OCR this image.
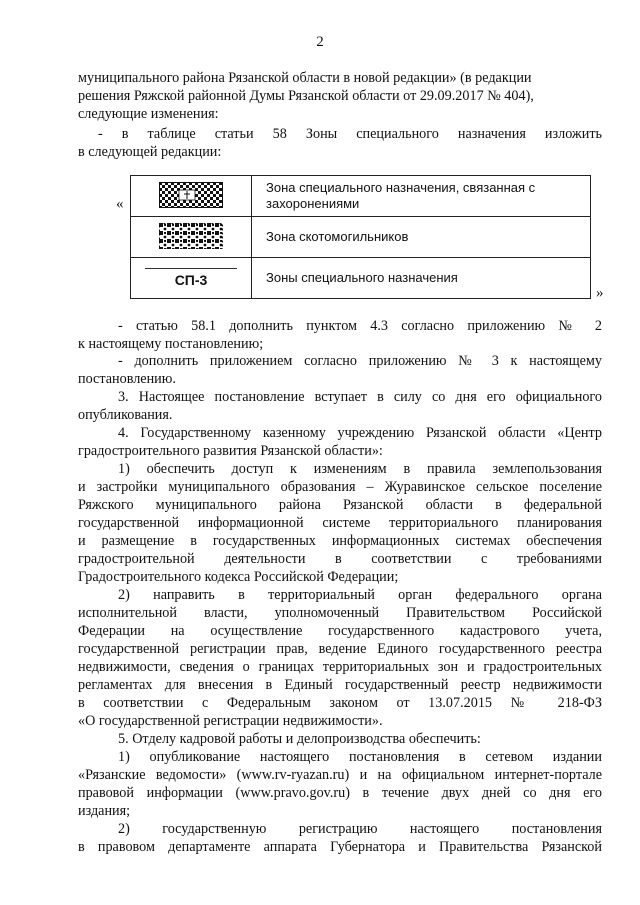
2
муниципального района Рязанской области в новой редакции» (в редакции
решения Ряжской районной Думы Рязанской области от 29.09.2017 № 404),
следующие изменения:
- в таблице статьи 58 Зоны специального назначения изложить
в следующей редакции:
«
	Зона специального назначения, связанная с захоронениями
	Зона скотомогильников
СП-3	Зоны специального назначения
»
- статью 58.1 дополнить пунктом 4.3 согласно приложению № 2
к настоящему постановлению;
- дополнить приложением согласно приложению № 3 к настоящему
постановлению.
3. Настоящее постановление вступает в силу со дня его официального
опубликования.
4. Государственному казенному учреждению Рязанской области «Центр
градостроительного развития Рязанской области»:
1) обеспечить доступ к изменениям в правила землепользования
и застройки муниципального образования – Журавинское сельское поселение
Ряжского муниципального района Рязанской области в федеральной
государственной информационной системе территориального планирования
и размещение в государственных информационных системах обеспечения
градостроительной деятельности в соответствии с требованиями
Градостроительного кодекса Российской Федерации;
2) направить в территориальный орган федерального органа
исполнительной власти, уполномоченный Правительством Российской
Федерации на осуществление государственного кадастрового учета,
государственной регистрации прав, ведение Единого государственного реестра
недвижимости, сведения о границах территориальных зон и градостроительных
регламентах для внесения в Единый государственный реестр недвижимости
в соответствии с Федеральным законом от 13.07.2015 № 218-ФЗ
«О государственной регистрации недвижимости».
5. Отделу кадровой работы и делопроизводства обеспечить:
1) опубликование настоящего постановления в сетевом издании
«Рязанские ведомости» (www.rv-ryazan.ru) и на официальном интернет-портале
правовой информации (www.pravo.gov.ru) в течение двух дней со дня его
издания;
2) государственную регистрацию настоящего постановления
в правовом департаменте аппарата Губернатора и Правительства Рязанской
